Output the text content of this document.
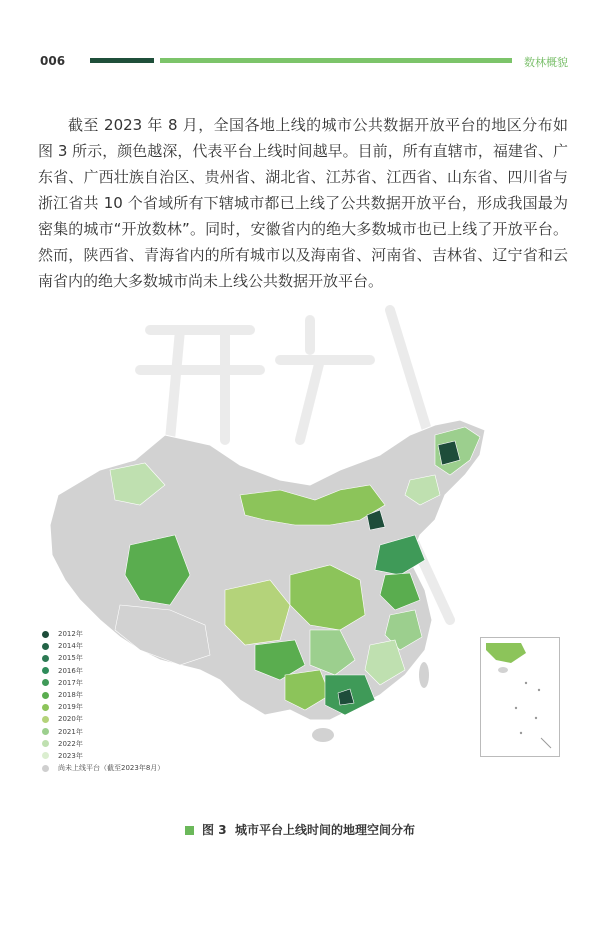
006	数林概貌

截至 2023 年 8 月，全国各地上线的城市公共数据开放平台的地区分布如图 3 所示，颜色越深，代表平台上线时间越早。目前，所有直辖市，福建省、广东省、广西壮族自治区、贵州省、湖北省、江苏省、江西省、山东省、四川省与浙江省共 10 个省域所有下辖城市都已上线了公共数据开放平台，形成我国最为密集的城市“开放数林”。同时，安徽省内的绝大多数城市也已上线了开放平台。然而，陕西省、青海省内的所有城市以及海南省、河南省、吉林省、辽宁省和云南省内的绝大多数城市尚未上线公共数据开放平台。

2012年
2014年
2015年
2016年
2017年
2018年
2019年
2020年
2021年
2022年
2023年
尚未上线平台（截至2023年8月）
图 3 城市平台上线时间的地理空间分布
